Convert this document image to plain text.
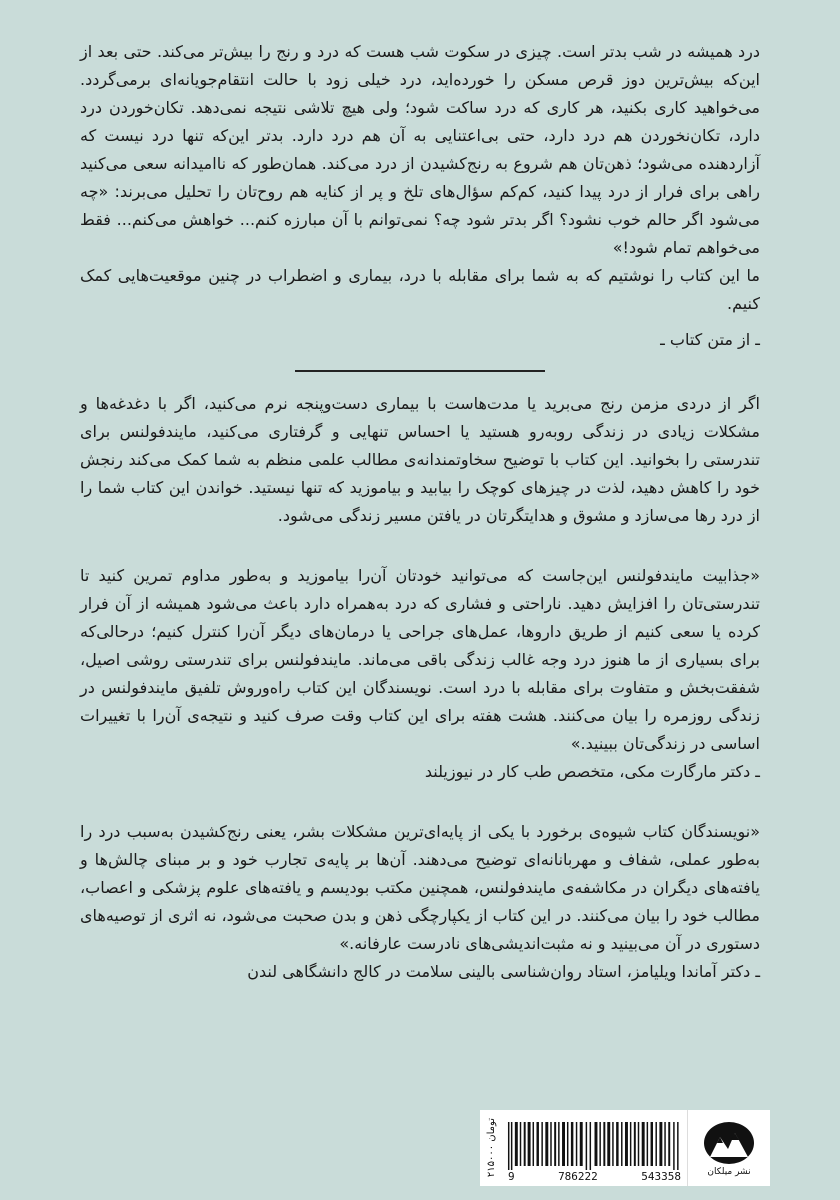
درد همیشه در شب بدتر است. چیزی در سکوت شب هست که درد و رنج را بیش‌تر می‌کند. حتی بعد از این‌که بیش‌ترین دوز قرص مسکن را خورده‌اید، درد خیلی زود با حالت انتقام‌جویانه‌ای برمی‌گردد. می‌خواهید کاری بکنید، هر کاری که درد ساکت شود؛ ولی هیچ تلاشی نتیجه نمی‌دهد. تکان‌خوردن درد دارد، تکان‌نخوردن هم درد دارد، حتی بی‌اعتنایی به آن هم درد دارد. بدتر این‌که تنها درد نیست که آزاردهنده می‌شود؛ ذهن‌تان هم شروع به رنج‌کشیدن از درد می‌کند. همان‌طور که ناامیدانه سعی می‌کنید راهی برای فرار از درد پیدا کنید، کم‌کم سؤال‌های تلخ و پر از کنایه هم روح‌تان را تحلیل می‌برند: «چه می‌شود اگر حالم خوب نشود؟ اگر بدتر شود چه؟ نمی‌توانم با آن مبارزه کنم... خواهش می‌کنم... فقط می‌خواهم تمام شود!»

ما این کتاب را نوشتیم که به شما برای مقابله با درد، بیماری و اضطراب در چنین موقعیت‌هایی کمک کنیم.

ـ از متن کتاب ـ

اگر از دردی مزمن رنج می‌برید یا مدت‌هاست با بیماری دست‌وپنجه نرم می‌کنید، اگر با دغدغه‌ها و مشکلات زیادی در زندگی روبه‌رو هستید یا احساس تنهایی و گرفتاری می‌کنید، مایندفولنس برای تندرستی را بخوانید. این کتاب با توضیح سخاوتمندانه‌ی مطالب علمی منظم به شما کمک می‌کند رنجش خود را کاهش دهید، لذت در چیزهای کوچک را بیابید و بیاموزید که تنها نیستید. خواندن این کتاب شما را از درد رها می‌سازد و مشوق و هدایتگرتان در یافتن مسیر زندگی می‌شود.

«جذابیت مایندفولنس این‌جاست که می‌توانید خودتان آن‌را بیاموزید و به‌طور مداوم تمرین کنید تا تندرستی‌تان را افزایش دهید. ناراحتی و فشاری که درد به‌همراه دارد باعث می‌شود همیشه از آن فرار کرده یا سعی کنیم از طریق داروها، عمل‌های جراحی یا درمان‌های دیگر آن‌را کنترل کنیم؛ درحالی‌که برای بسیاری از ما هنوز درد وجه غالب زندگی باقی می‌ماند. مایندفولنس برای تندرستی روشی اصیل، شفقت‌بخش و متفاوت برای مقابله با درد است. نویسندگان این کتاب راه‌وروش تلفیق مایندفولنس در زندگی روزمره را بیان می‌کنند. هشت هفته برای این کتاب وقت صرف کنید و نتیجه‌ی آن‌را با تغییرات اساسی در زندگی‌تان ببینید.»

ـ دکتر مارگارت مکی، متخصص طب کار در نیوزیلند

«نویسندگان کتاب شیوه‌ی برخورد با یکی از پایه‌ای‌ترین مشکلات بشر، یعنی رنج‌کشیدن به‌سبب درد را به‌طور عملی، شفاف و مهربانانه‌ای توضیح می‌دهند. آن‌ها بر پایه‌ی تجارب خود و بر مبنای چالش‌ها و یافته‌های دیگران در مکاشفه‌ی مایندفولنس، همچنین مکتب بودیسم و یافته‌های علوم پزشکی و اعصاب، مطالب خود را بیان می‌کنند. در این کتاب از یکپارچگی ذهن و بدن صحبت می‌شود، نه اثری از توصیه‌های دستوری در آن می‌بینید و نه مثبت‌اندیشی‌های نادرست عارفانه.»

ـ دکتر آماندا ویلیامز، استاد روان‌شناسی بالینی سلامت در کالج دانشگاهی لندن
۲۱۵۰۰۰ تومان
9	786222	543358	نشر میلکان
